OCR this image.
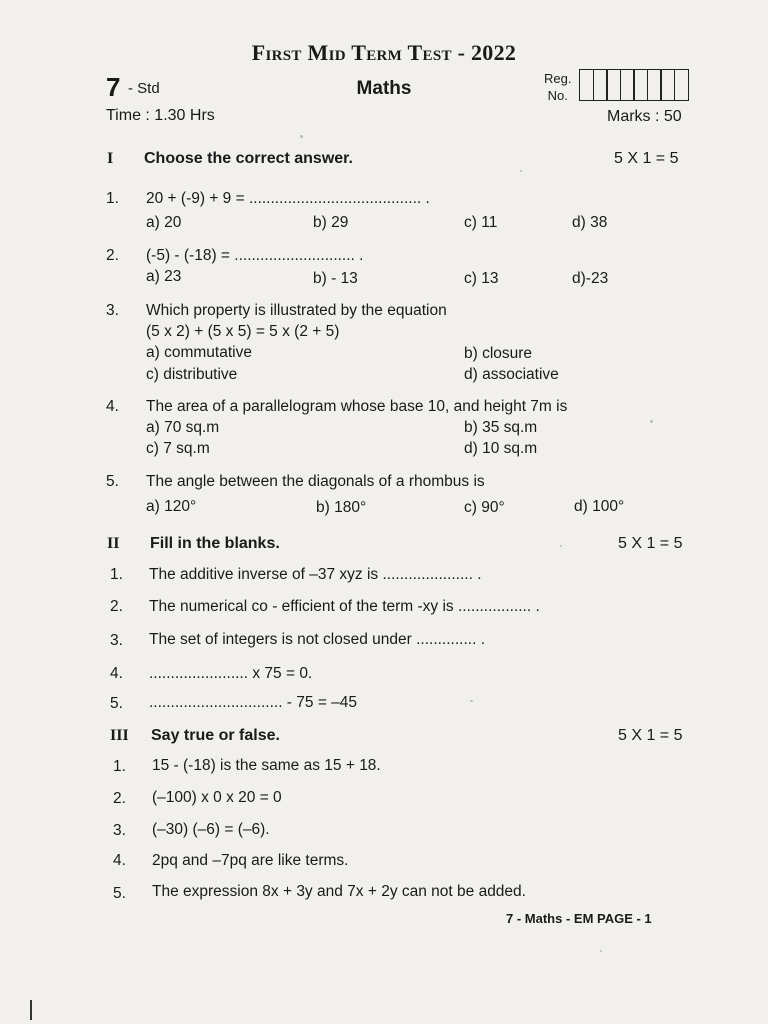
First Mid Term Test - 2022
7 - Std	Maths	Reg.
No.
Time : 1.30 Hrs	Marks : 50
I Choose the correct answer.	5 X 1 = 5
1. 20 + (-9) + 9 = ........................................ .
a) 20	b) 29	c) 11	d) 38
2. (-5) - (-18) = ............................ .
a) 23	b) - 13	c) 13	d)-23
3. Which property is illustrated by the equation
(5 x 2) + (5 x 5) = 5 x (2 + 5)
a) commutative	b) closure
c) distributive	d) associative
4. The area of a parallelogram whose base 10, and height 7m is
a) 70 sq.m	b) 35 sq.m
c) 7 sq.m	d) 10 sq.m
5. The angle between the diagonals of a rhombus is
a) 120°	b) 180°	c) 90°	d) 100°
II Fill in the blanks.	5 X 1 = 5
1. The additive inverse of –37 xyz is ..................... .
2. The numerical co - efficient of the term -xy is ................. .
3. The set of integers is not closed under .............. .
4. ....................... x 75 = 0.
5. ............................... - 75 = –45
III Say true or false.	5 X 1 = 5
1. 15 - (-18) is the same as 15 + 18.
2. (–100) x 0 x 20 = 0
3. (–30) (–6) = (–6).
4. 2pq and –7pq are like terms.
5. The expression 8x + 3y and 7x + 2y can not be added.
7 - Maths - EM PAGE - 1
